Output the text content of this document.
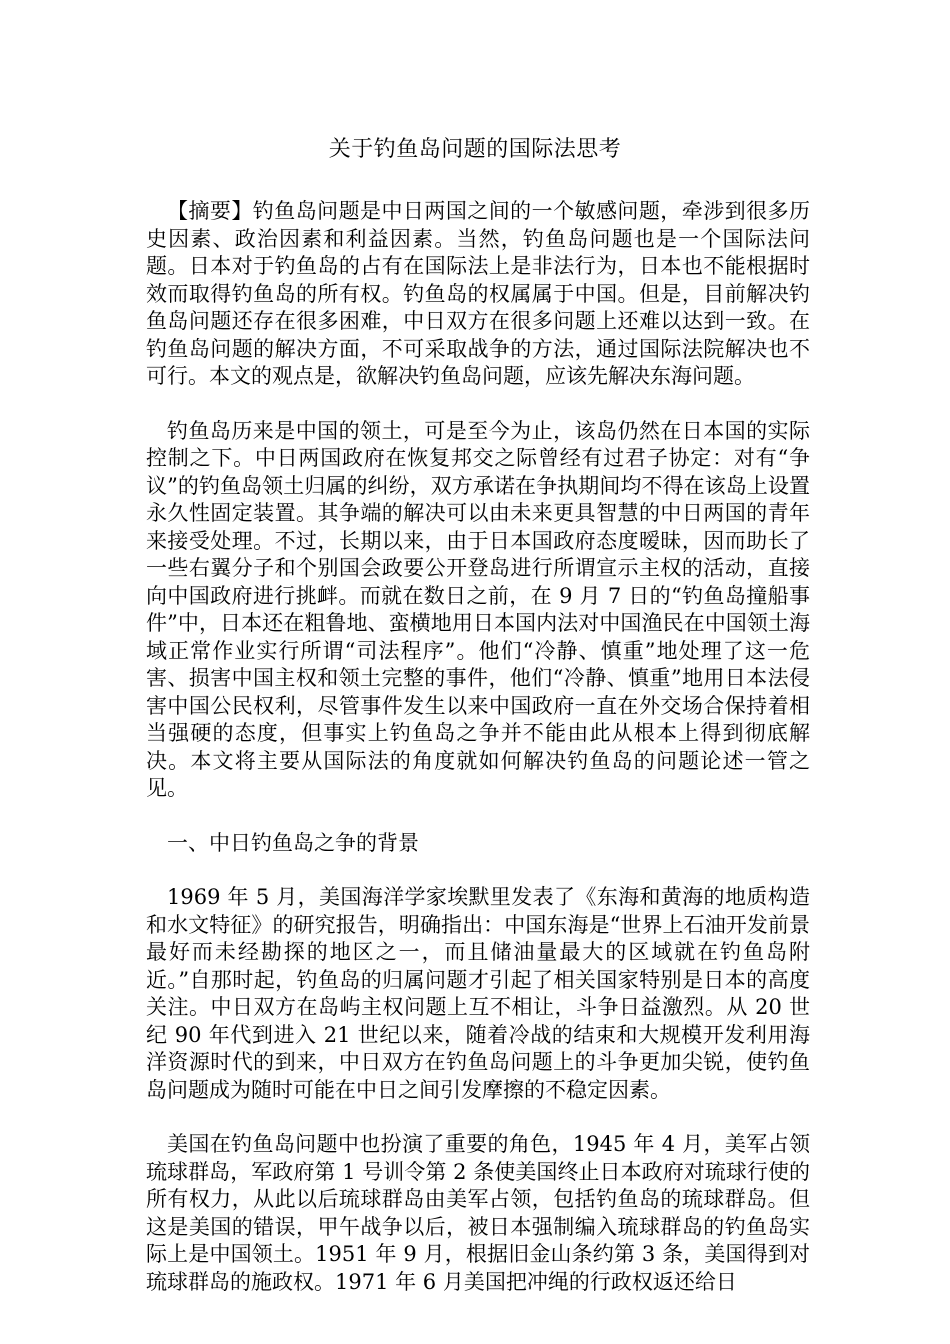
关于钓鱼岛问题的国际法思考

【摘要】钓鱼岛问题是中日两国之间的一个敏感问题，牵涉到很多历史因素、政治因素和利益因素。当然，钓鱼岛问题也是一个国际法问题。日本对于钓鱼岛的占有在国际法上是非法行为，日本也不能根据时效而取得钓鱼岛的所有权。钓鱼岛的权属属于中国。但是，目前解决钓鱼岛问题还存在很多困难，中日双方在很多问题上还难以达到一致。在钓鱼岛问题的解决方面，不可采取战争的方法，通过国际法院解决也不可行。本文的观点是，欲解决钓鱼岛问题，应该先解决东海问题。

钓鱼岛历来是中国的领土，可是至今为止，该岛仍然在日本国的实际控制之下。中日两国政府在恢复邦交之际曾经有过君子协定：对有“争议”的钓鱼岛领土归属的纠纷，双方承诺在争执期间均不得在该岛上设置永久性固定装置。其争端的解决可以由未来更具智慧的中日两国的青年来接受处理。不过，长期以来，由于日本国政府态度暧昧，因而助长了一些右翼分子和个别国会政要公开登岛进行所谓宣示主权的活动，直接向中国政府进行挑衅。而就在数日之前，在 9 月 7 日的“钓鱼岛撞船事件”中，日本还在粗鲁地、蛮横地用日本国内法对中国渔民在中国领土海域正常作业实行所谓“司法程序”。他们“冷静、慎重”地处理了这一危害、损害中国主权和领土完整的事件，他们“冷静、慎重”地用日本法侵害中国公民权利，尽管事件发生以来中国政府一直在外交场合保持着相当强硬的态度，但事实上钓鱼岛之争并不能由此从根本上得到彻底解决。本文将主要从国际法的角度就如何解决钓鱼岛的问题论述一管之见。

一、中日钓鱼岛之争的背景

1969 年 5 月，美国海洋学家埃默里发表了《东海和黄海的地质构造和水文特征》的研究报告，明确指出：中国东海是“世界上石油开发前景最好而未经勘探的地区之一，而且储油量最大的区域就在钓鱼岛附近。”自那时起，钓鱼岛的归属问题才引起了相关国家特别是日本的高度关注。中日双方在岛屿主权问题上互不相让，斗争日益激烈。从 20 世纪 90 年代到进入 21 世纪以来，随着冷战的结束和大规模开发利用海洋资源时代的到来，中日双方在钓鱼岛问题上的斗争更加尖锐，使钓鱼岛问题成为随时可能在中日之间引发摩擦的不稳定因素。

美国在钓鱼岛问题中也扮演了重要的角色，1945 年 4 月，美军占领琉球群岛，军政府第 1 号训令第 2 条使美国终止日本政府对琉球行使的所有权力，从此以后琉球群岛由美军占领，包括钓鱼岛的琉球群岛。但这是美国的错误，甲午战争以后，被日本强制编入琉球群岛的钓鱼岛实际上是中国领土。1951 年 9 月，根据旧金山条约第 3 条，美国得到对琉球群岛的施政权。1971 年 6 月美国把冲绳的行政权返还给日
